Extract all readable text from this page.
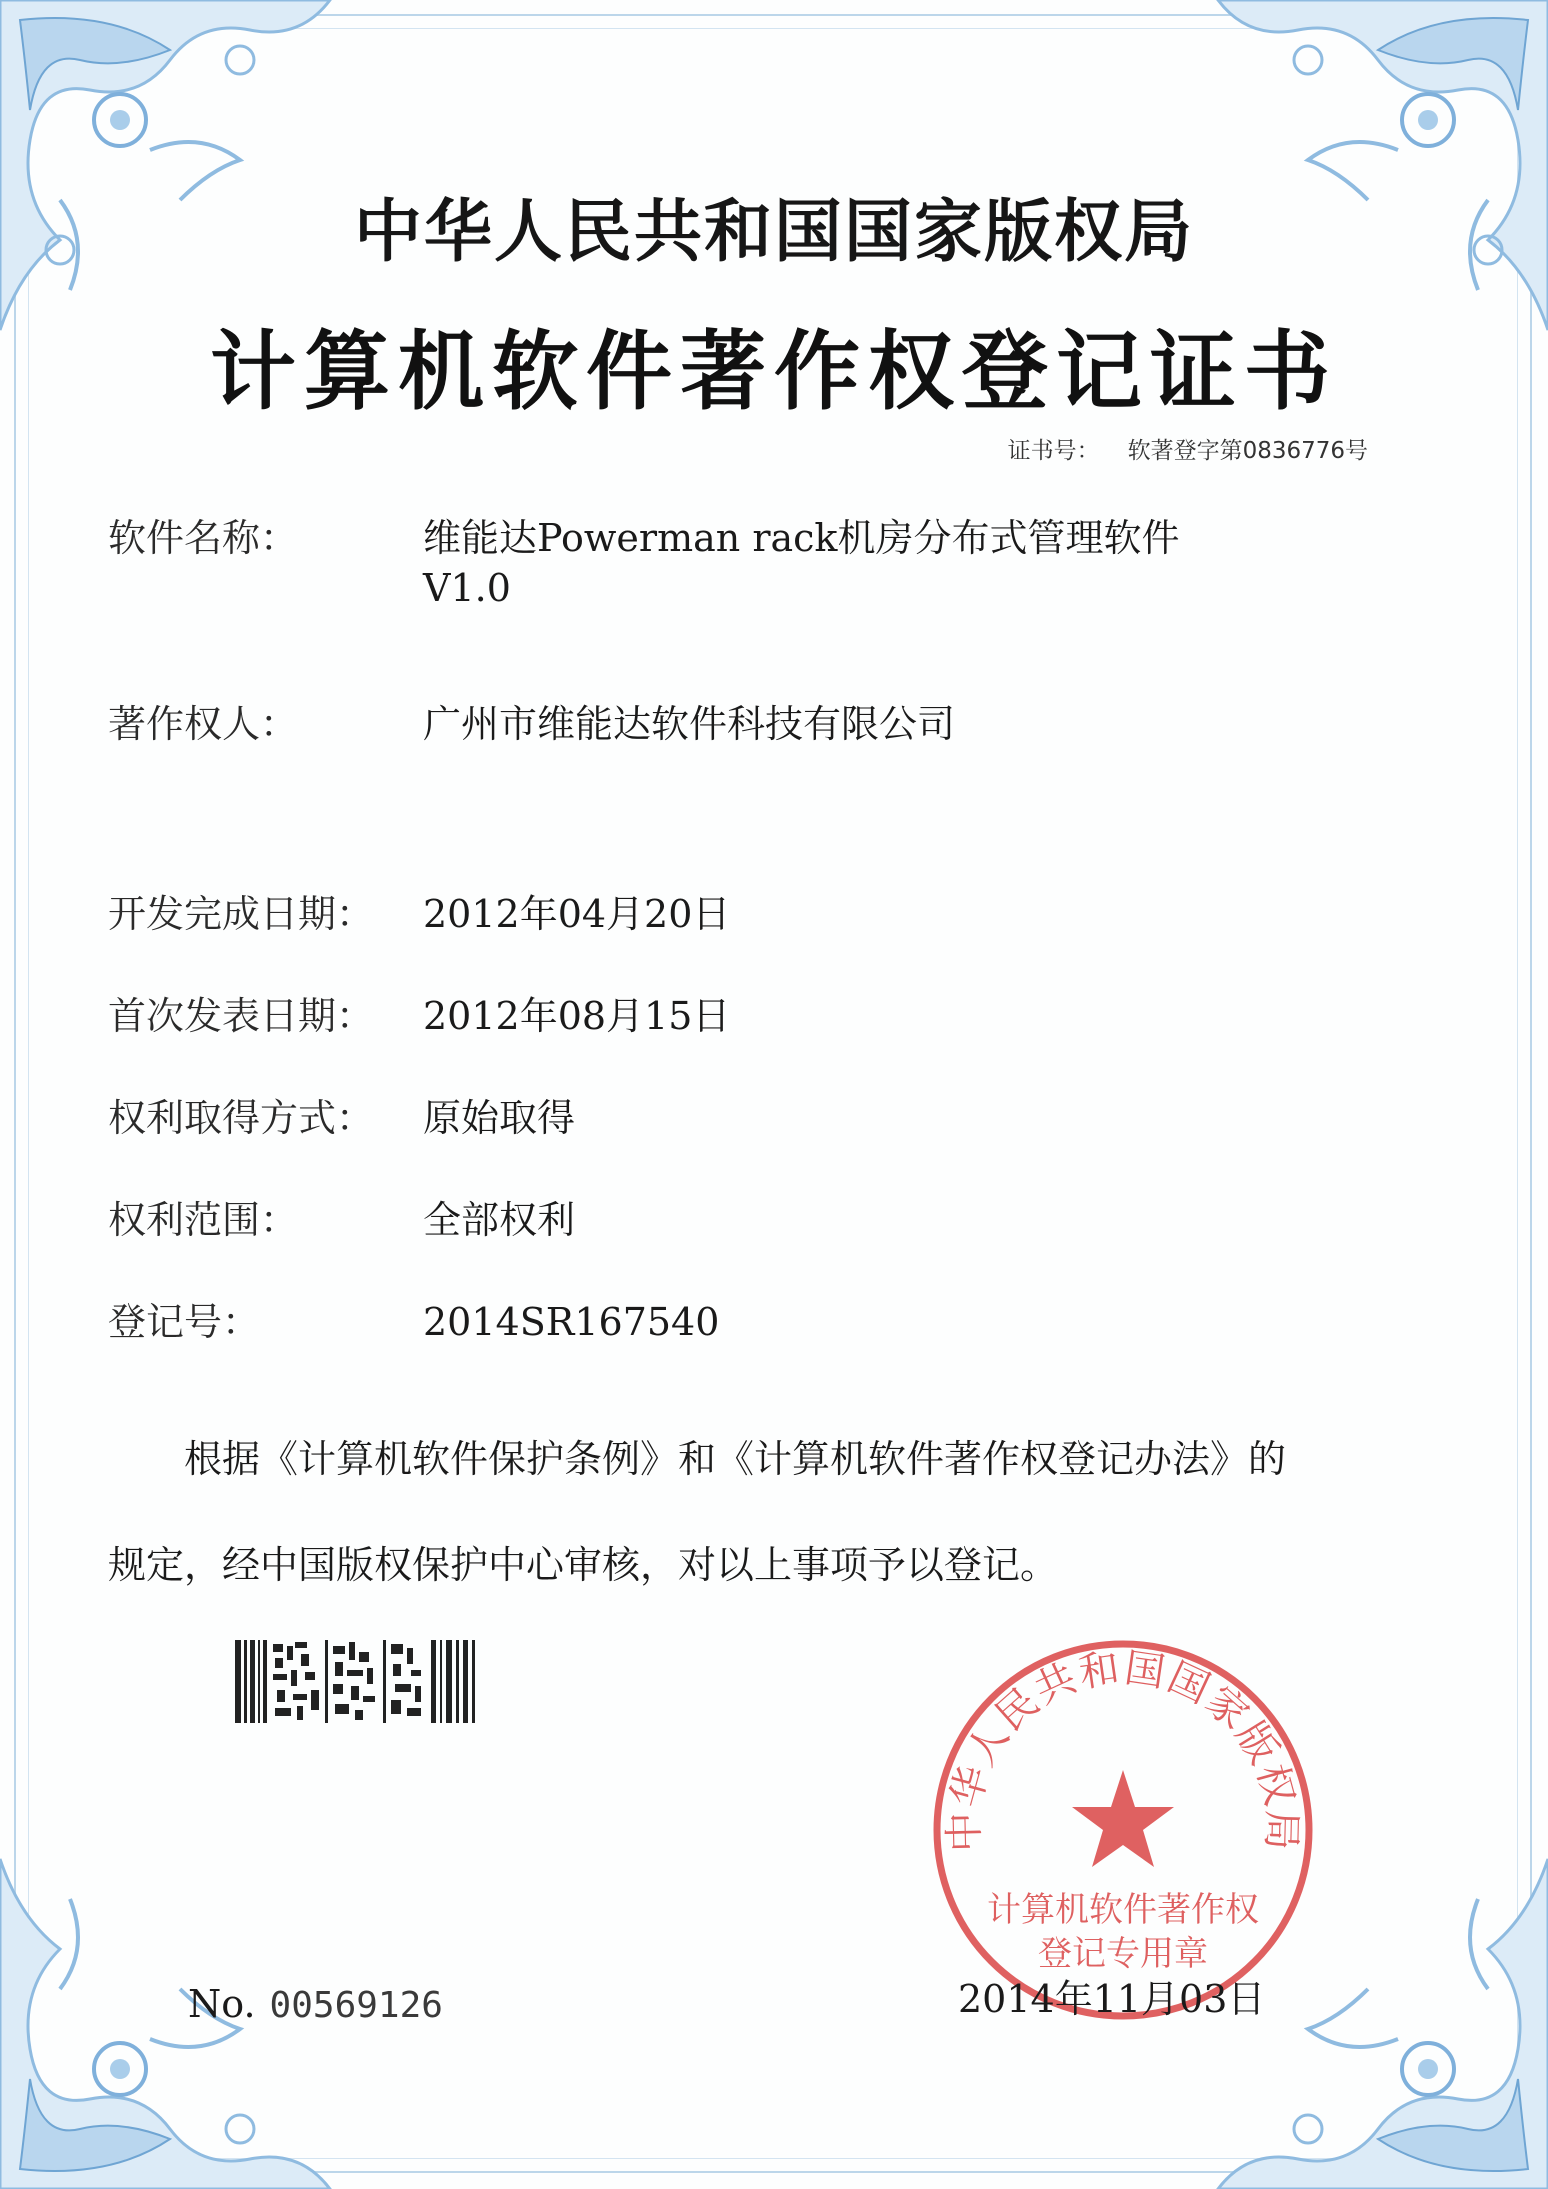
中华人民共和国国家版权局
计算机软件著作权登记证书
证书号： 软著登字第0836776号
软件名称：	维能达Powerman rack机房分布式管理软件
V1.0
著作权人：	广州市维能达软件科技有限公司
开发完成日期：	2012年04月20日
首次发表日期：	2012年08月15日
权利取得方式：	原始取得
权利范围：	全部权利
登记号：	2014SR167540
根据《计算机软件保护条例》和《计算机软件著作权登记办法》的
规定，经中国版权保护中心审核，对以上事项予以登记。
No. 00569126
中华人民共和国国家版权局
计算机软件著作权
登记专用章
2014年11月03日
